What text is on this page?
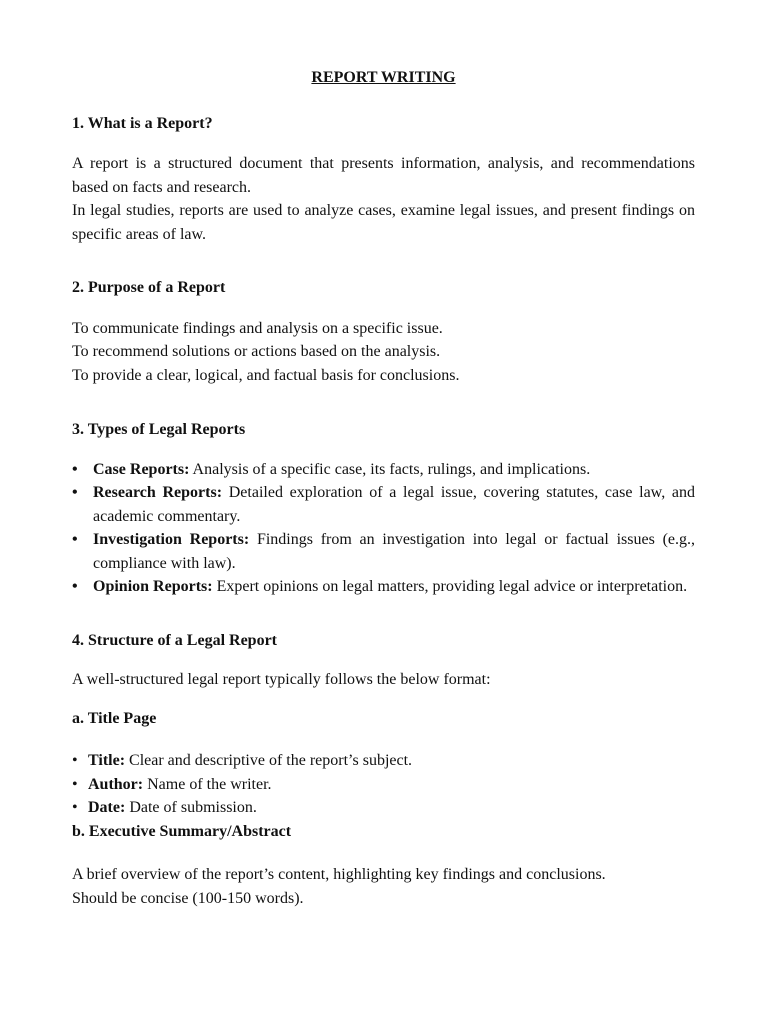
REPORT WRITING

1. What is a Report?

A report is a structured document that presents information, analysis, and recommendations based on facts and research.

In legal studies, reports are used to analyze cases, examine legal issues, and present findings on specific areas of law.

2. Purpose of a Report

To communicate findings and analysis on a specific issue.

To recommend solutions or actions based on the analysis.

To provide a clear, logical, and factual basis for conclusions.

3. Types of Legal Reports

• Case Reports: Analysis of a specific case, its facts, rulings, and implications.
• Research Reports: Detailed exploration of a legal issue, covering statutes, case law, and academic commentary.
• Investigation Reports: Findings from an investigation into legal or factual issues (e.g., compliance with law).
• Opinion Reports: Expert opinions on legal matters, providing legal advice or interpretation.

4. Structure of a Legal Report

A well-structured legal report typically follows the below format:

a. Title Page

• Title: Clear and descriptive of the report’s subject.
• Author: Name of the writer.
• Date: Date of submission.

b. Executive Summary/Abstract

A brief overview of the report’s content, highlighting key findings and conclusions.

Should be concise (100-150 words).
